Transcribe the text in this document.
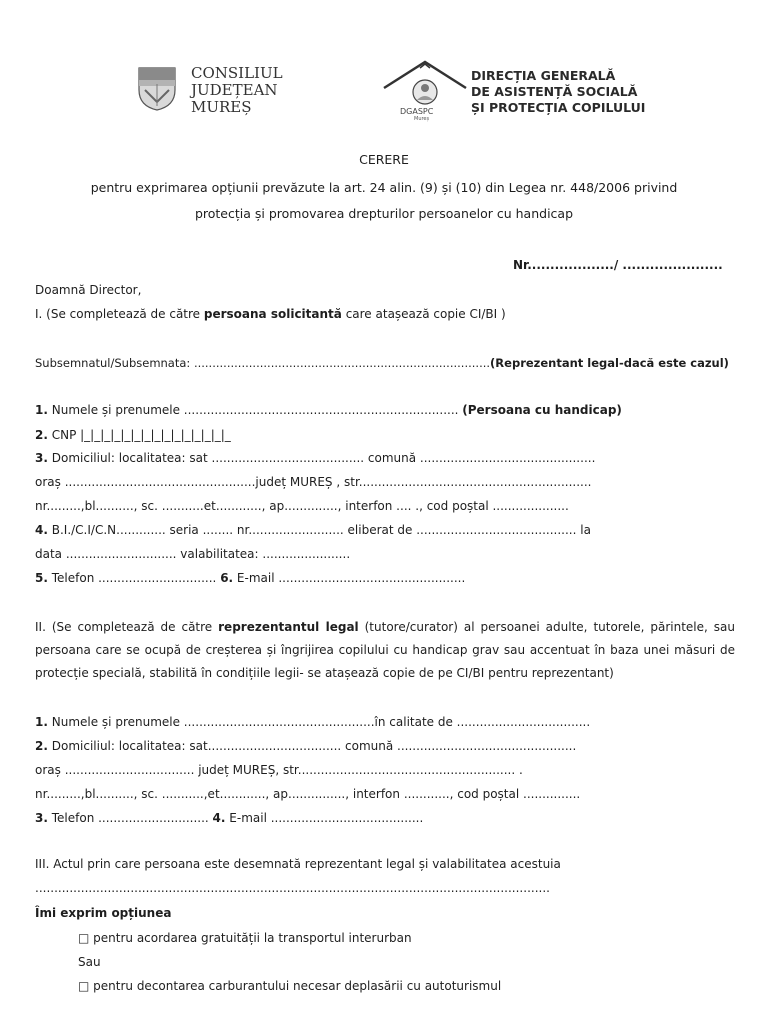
CONSILIUL
JUDEȚEAN
MUREȘ	DGASPC
Mureș
DIRECȚIA GENERALĂ
DE ASISTENȚĂ SOCIALĂ
ȘI PROTECȚIA COPILULUI
CERERE
pentru exprimarea opțiunii prevăzute la art. 24 alin. (9) și (10) din Legea nr. 448/2006 privind
protecția și promovarea drepturilor persoanelor cu handicap
Nr.................../ ......................
Doamnă Director,
I. (Se completează de către persoana solicitantă care atașează copie CI/BI )
Subsemnatul/Subsemnata: .................................................................................(Reprezentant legal-dacă este cazul)
1. Numele și prenumele ........................................................................ (Persoana cu handicap)
2. CNP |_|_|_|_|_|_|_|_|_|_|_|_|_|_|_
3. Domiciliul: localitatea: sat ........................................ comună ..............................................
oraș ..................................................județ MUREȘ , str.............................................................
nr.........,bl.........., sc. ...........et............, ap.............., interfon .... ., cod poștal ....................
4. B.I./C.I/C.N............. seria ........ nr......................... eliberat de .......................................... la
data ............................. valabilitatea: .......................
5. Telefon ............................... 6. E-mail .................................................
II. (Se completează de către reprezentantul legal (tutore/curator) al persoanei adulte, tutorele, părintele, sau persoana care se ocupă de creșterea și îngrijirea copilului cu handicap grav sau accentuat în baza unei măsuri de protecție specială, stabilită în condițiile legii- se atașează copie de pe CI/BI pentru reprezentant)
1. Numele și prenumele ..................................................în calitate de ...................................
2. Domiciliul: localitatea: sat................................... comună ...............................................
oraș .................................. județ MUREȘ, str......................................................... .
nr.........,bl.........., sc. ...........,et............, ap..............., interfon ............, cod poștal ...............
3. Telefon ............................. 4. E-mail ........................................
III. Actul prin care persoana este desemnată reprezentant legal și valabilitatea acestuia
.......................................................................................................................................
Îmi exprim opțiunea
□ pentru acordarea gratuității la transportul interurban
Sau
□ pentru decontarea carburantului necesar deplasării cu autoturismul
